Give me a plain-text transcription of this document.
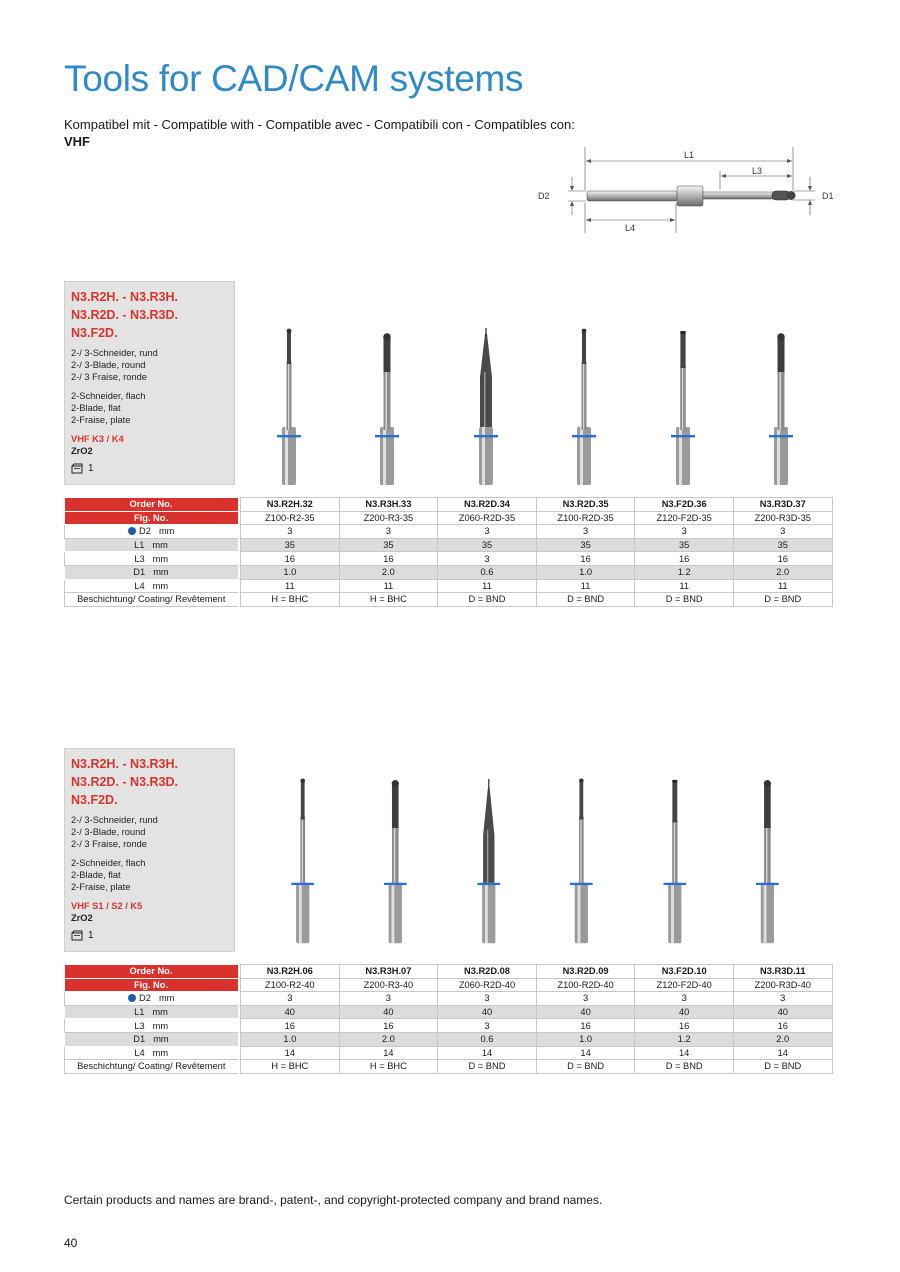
Tools for CAD/CAM systems
Kompatibel mit - Compatible with - Compatible avec - Compatibili con - Compatibles con:
VHF
L1
L3
D2	D1
L4
N3.R2H. - N3.R3H.
N3.R2D. - N3.R3D.
N3.F2D.
2-/ 3-Schneider, rund
2-/ 3-Blade, round
2-/ 3 Fraise, ronde
2-Schneider, flach
2-Blade, flat
2-Fraise, plate
VHF K3 / K4
ZrO2
1
Order No.		N3.R2H.32	N3.R3H.33	N3.R2D.34	N3.R2D.35	N3.F2D.36	N3.R3D.37
Fig. No.		Z100-R2-35	Z200-R3-35	Z060-R2D-35	Z100-R2D-35	Z120-F2D-35	Z200-R3D-35
D2 mm		3	3	3	3	3	3
L1 mm		35	35	35	35	35	35
L3 mm		16	16	3	16	16	16
D1 mm		1.0	2.0	0.6	1.0	1.2	2.0
L4 mm		11	11	11	11	11	11
Beschichtung/ Coating/ Revêtement		H = BHC	H = BHC	D = BND	D = BND	D = BND	D = BND
N3.R2H. - N3.R3H.
N3.R2D. - N3.R3D.
N3.F2D.
2-/ 3-Schneider, rund
2-/ 3-Blade, round
2-/ 3 Fraise, ronde
2-Schneider, flach
2-Blade, flat
2-Fraise, plate
VHF S1 / S2 / K5
ZrO2
1
Order No.		N3.R2H.06	N3.R3H.07	N3.R2D.08	N3.R2D.09	N3.F2D.10	N3.R3D.11
Fig. No.		Z100-R2-40	Z200-R3-40	Z060-R2D-40	Z100-R2D-40	Z120-F2D-40	Z200-R3D-40
D2 mm		3	3	3	3	3	3
L1 mm		40	40	40	40	40	40
L3 mm		16	16	3	16	16	16
D1 mm		1.0	2.0	0.6	1.0	1.2	2.0
L4 mm		14	14	14	14	14	14
Beschichtung/ Coating/ Revêtement		H = BHC	H = BHC	D = BND	D = BND	D = BND	D = BND
Certain products and names are brand-, patent-, and copyright-protected company and brand names.
40
